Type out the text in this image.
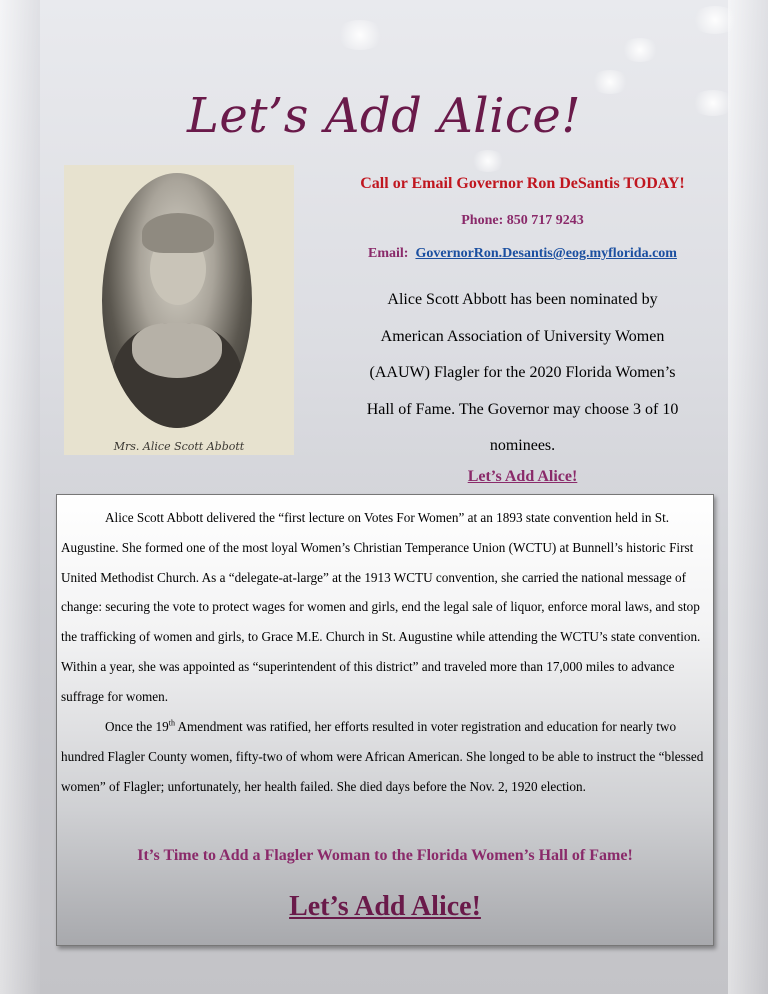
Let’s Add Alice!
Mrs. Alice Scott Abbott
Call or Email Governor Ron DeSantis TODAY!
Phone: 850 717 9243
Email: GovernorRon.Desantis@eog.myflorida.com
Alice Scott Abbott has been nominated by
American Association of University Women
(AAUW) Flagler for the 2020 Florida Women’s
Hall of Fame. The Governor may choose 3 of 10
nominees.
Let’s Add Alice!
Alice Scott Abbott delivered the “first lecture on Votes For Women” at an 1893 state convention held in St. Augustine. She formed one of the most loyal Women’s Christian Temperance Union (WCTU) at Bunnell’s historic First United Methodist Church. As a “delegate-at-large” at the 1913 WCTU convention, she carried the national message of change: securing the vote to protect wages for women and girls, end the legal sale of liquor, enforce moral laws, and stop the trafficking of women and girls, to Grace M.E. Church in St. Augustine while attending the WCTU’s state convention. Within a year, she was appointed as “superintendent of this district” and traveled more than 17,000 miles to advance suffrage for women.
Once the 19th Amendment was ratified, her efforts resulted in voter registration and education for nearly two hundred Flagler County women, fifty-two of whom were African American. She longed to be able to instruct the “blessed women” of Flagler; unfortunately, her health failed. She died days before the Nov. 2, 1920 election.
It’s Time to Add a Flagler Woman to the Florida Women’s Hall of Fame!
Let’s Add Alice!
